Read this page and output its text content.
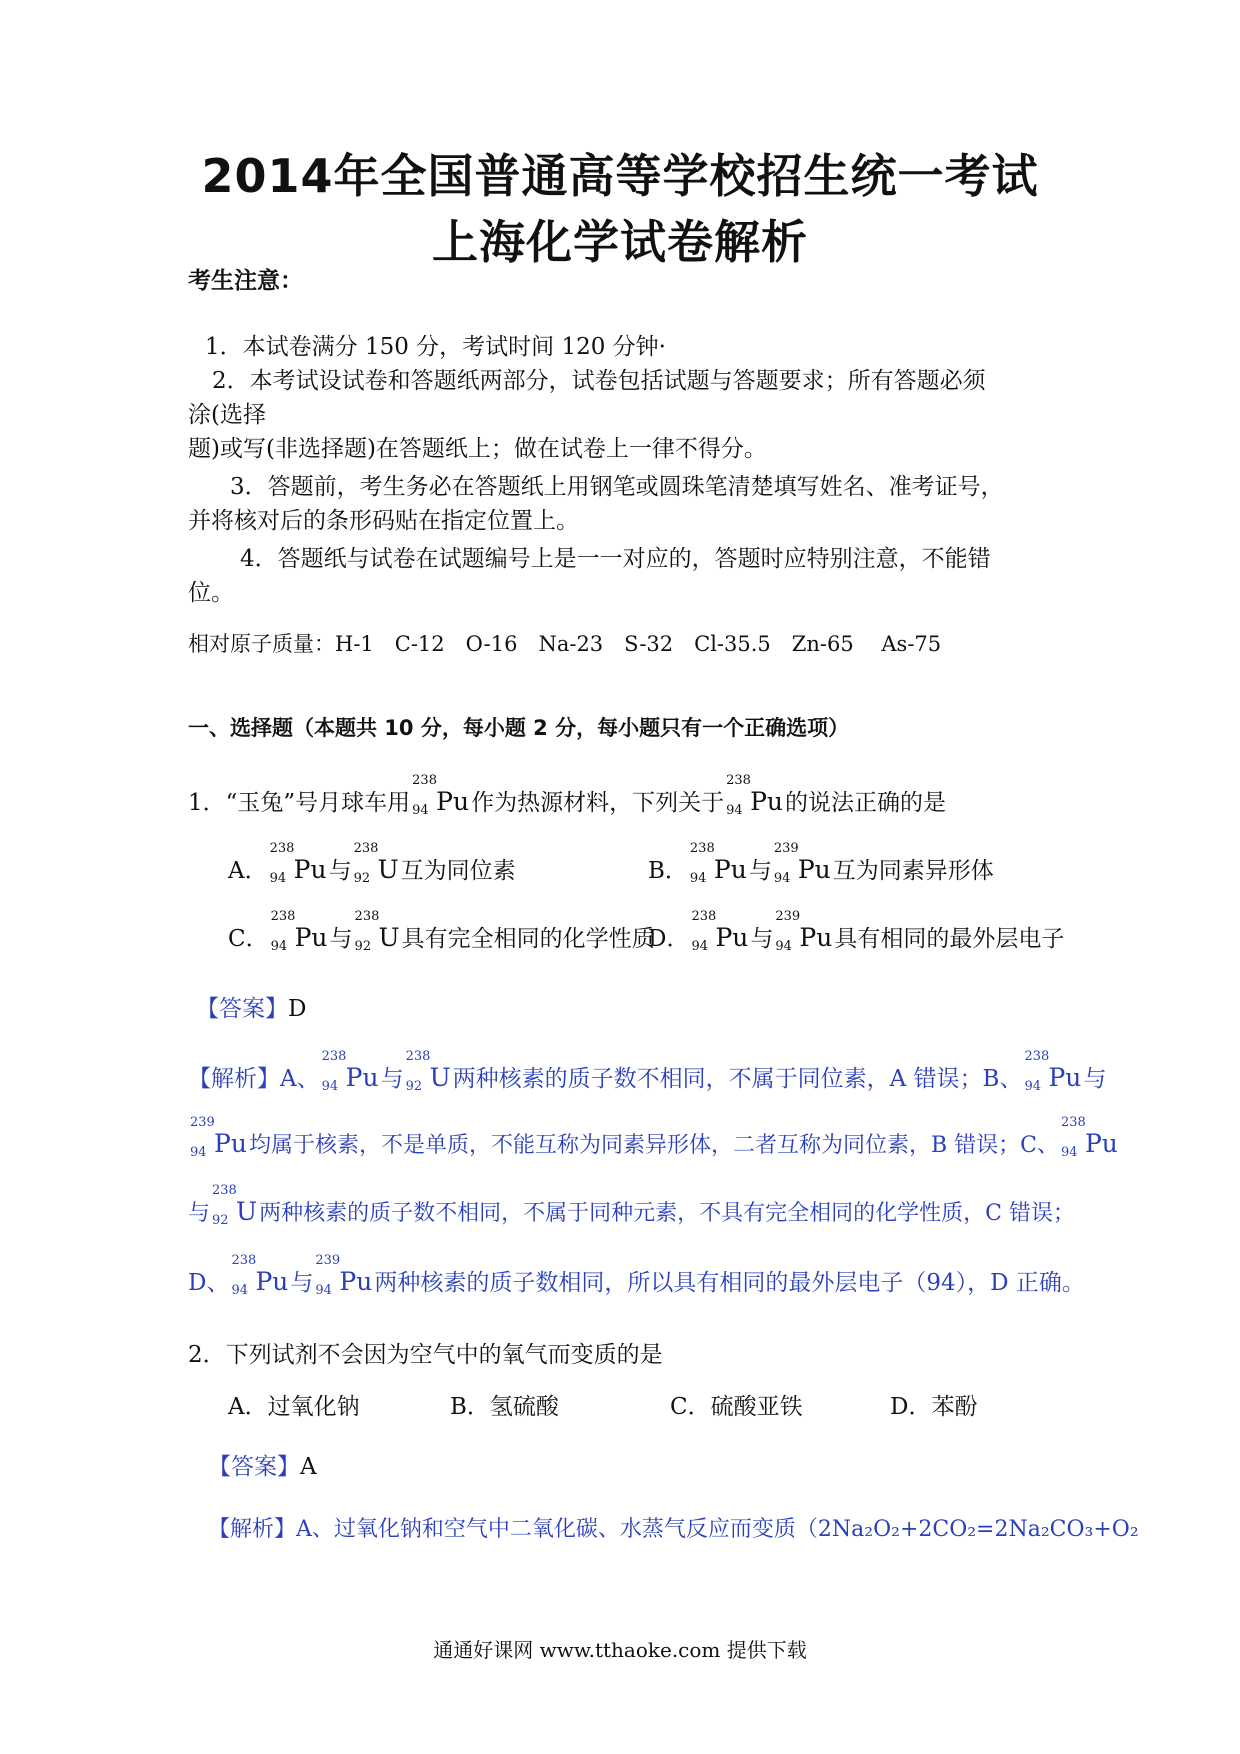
2014年全国普通高等学校招生统一考试
上海化学试卷解析
考生注意：
1．本试卷满分 150 分，考试时间 120 分钟·
2．本考试设试卷和答题纸两部分，试卷包括试题与答题要求；所有答题必须
涂(选择
题)或写(非选择题)在答题纸上；做在试卷上一律不得分。
3．答题前，考生务必在答题纸上用钢笔或圆珠笔清楚填写姓名、准考证号，
并将核对后的条形码贴在指定位置上。
4．答题纸与试卷在试题编号上是一一对应的，答题时应特别注意，不能错
位。
相对原子质量：H-1　C-12　O-16　Na-23　S-32　Cl-35.5　Zn-65　 As-75
一、选择题（本题共 10 分，每小题 2 分，每小题只有一个正确选项）
1．“玉兔”号月球车用
238
94 Pu作为热源材料，下列关于
238
94 Pu的说法正确的是
A．
238
94 Pu与
238
92 U互为同位素	B．
238
94 Pu与
239
94 Pu互为同素异形体
C．
238
94 Pu与
238
92 U具有完全相同的化学性质
D．
238
94 Pu与
239
94 Pu具有相同的最外层电子
【答案】D
【解析】A、
238
94 Pu与
238
92 U两种核素的质子数不相同，不属于同位素，A 错误；B、
238
94 Pu与
239
94 Pu均属于核素，不是单质，不能互称为同素异形体，二者互称为同位素，B 错误；C、
238
94 Pu
与
238
92 U两种核素的质子数不相同，不属于同种元素，不具有完全相同的化学性质，C 错误；
D、
238
94 Pu与
239
94 Pu两种核素的质子数相同，所以具有相同的最外层电子（94），D 正确。
2．下列试剂不会因为空气中的氧气而变质的是
A．过氧化钠	B．氢硫酸	C．硫酸亚铁	D．苯酚
【答案】A
【解析】A、过氧化钠和空气中二氧化碳、水蒸气反应而变质（2Na₂O₂+2CO₂=2Na₂CO₃+O₂
通通好课网 www.tthaoke.com 提供下载
